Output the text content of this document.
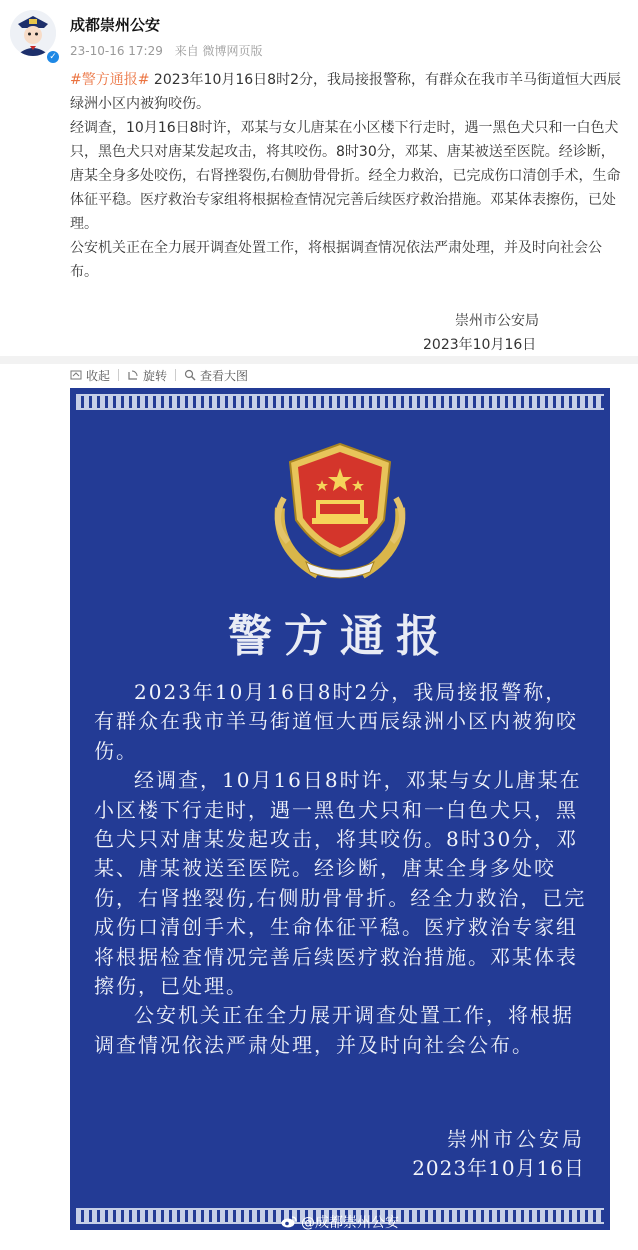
✓
成都崇州公安
23-10-16 17:29 来自 微博网页版

#警方通报# 2023年10月16日8时2分，我局接报警称，有群众在我市羊马街道恒大西辰绿洲小区内被狗咬伤。

经调查，10月16日8时许，邓某与女儿唐某在小区楼下行走时，遇一黑色犬只和一白色犬只，黑色犬只对唐某发起攻击，将其咬伤。8时30分，邓某、唐某被送至医院。经诊断，唐某全身多处咬伤，右肾挫裂伤,右侧肋骨骨折。经全力救治，已完成伤口清创手术，生命体征平稳。医疗救治专家组将根据检查情况完善后续医疗救治措施。邓某体表擦伤，已处理。

公安机关正在全力展开调查处置工作，将根据调查情况依法严肃处理，并及时向社会公布。

崇州市公安局
2023年10月16日
收起	旋转	查看大图
警方通报

2023年10月16日8时2分，我局接报警称，有群众在我市羊马街道恒大西辰绿洲小区内被狗咬伤。

经调查，10月16日8时许，邓某与女儿唐某在小区楼下行走时，遇一黑色犬只和一白色犬只，黑色犬只对唐某发起攻击，将其咬伤。8时30分，邓某、唐某被送至医院。经诊断，唐某全身多处咬伤，右肾挫裂伤,右侧肋骨骨折。经全力救治，已完成伤口清创手术，生命体征平稳。医疗救治专家组将根据检查情况完善后续医疗救治措施。邓某体表擦伤，已处理。

公安机关正在全力展开调查处置工作，将根据调查情况依法严肃处理，并及时向社会公布。

崇州市公安局
2023年10月16日
@成都崇州公安
